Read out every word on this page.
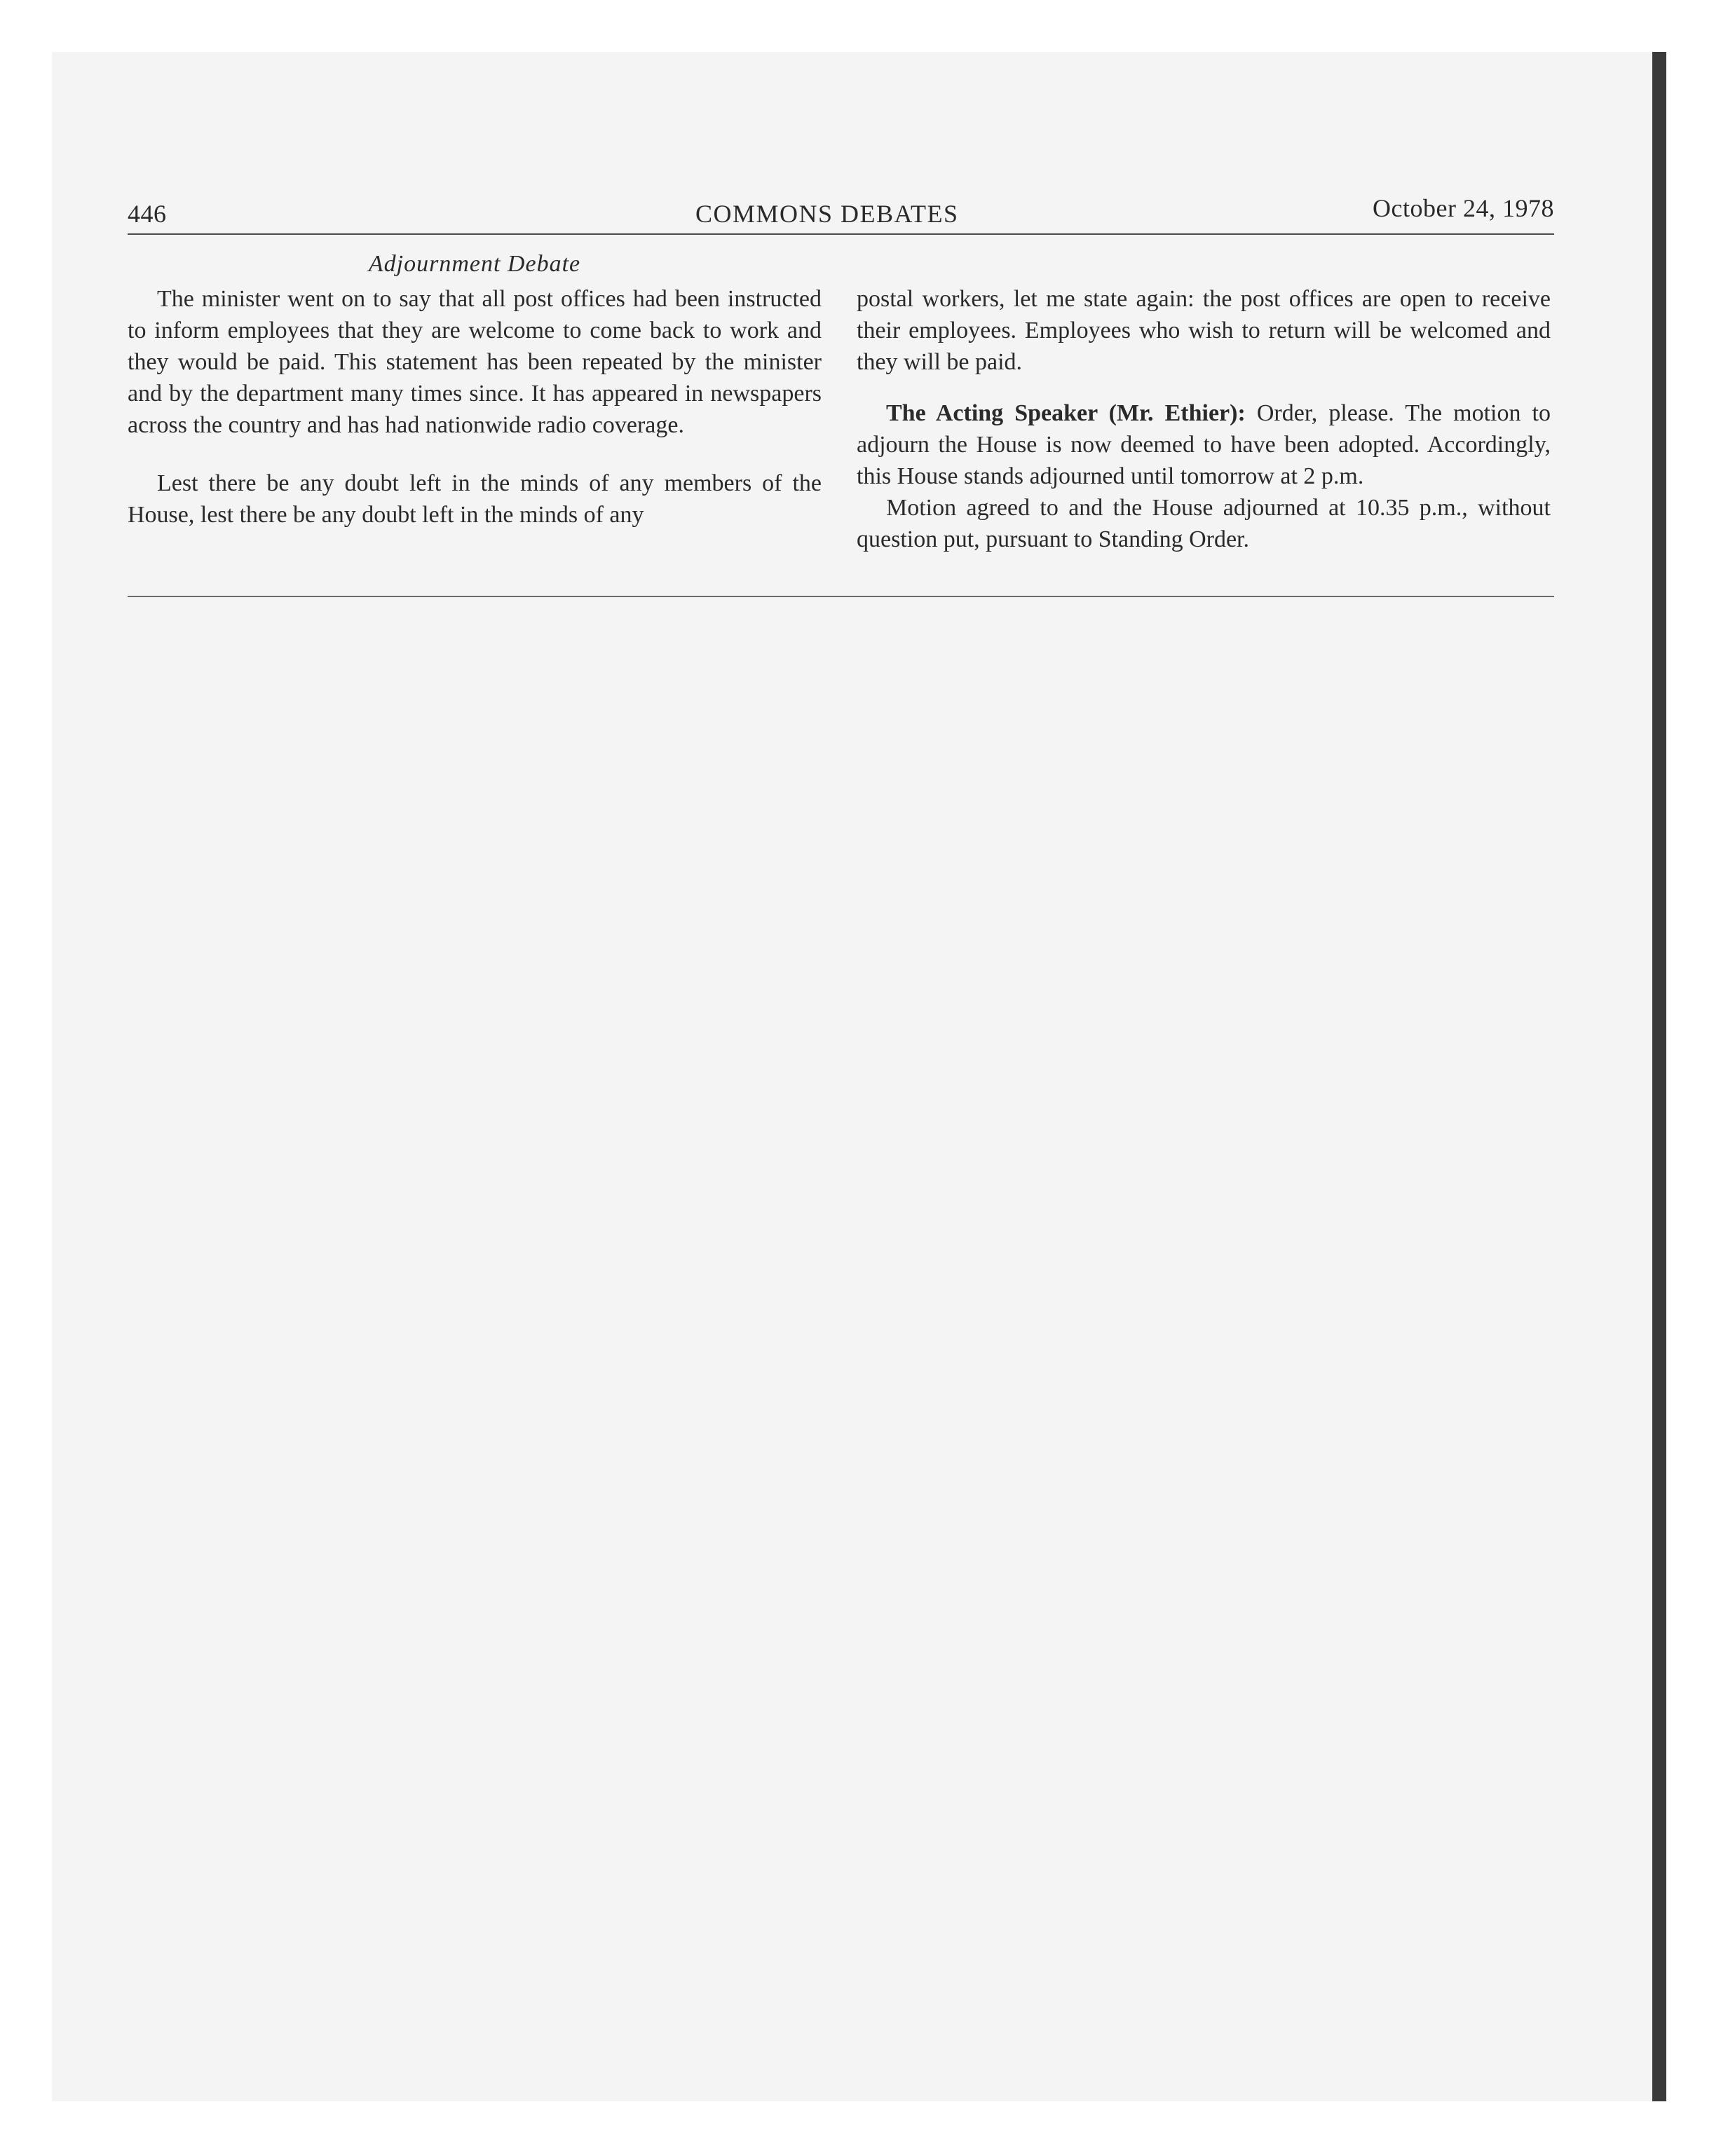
446	COMMONS DEBATES	October 24, 1978
Adjournment Debate

The minister went on to say that all post offices had been instructed to inform employees that they are welcome to come back to work and they would be paid. This statement has been repeated by the minister and by the department many times since. It has appeared in newspapers across the country and has had nationwide radio coverage.

Lest there be any doubt left in the minds of any members of the House, lest there be any doubt left in the minds of any

postal workers, let me state again: the post offices are open to receive their employees. Employees who wish to return will be welcomed and they will be paid.

The Acting Speaker (Mr. Ethier): Order, please. The motion to adjourn the House is now deemed to have been adopted. Accordingly, this House stands adjourned until tomorrow at 2 p.m.

Motion agreed to and the House adjourned at 10.35 p.m., without question put, pursuant to Standing Order.
